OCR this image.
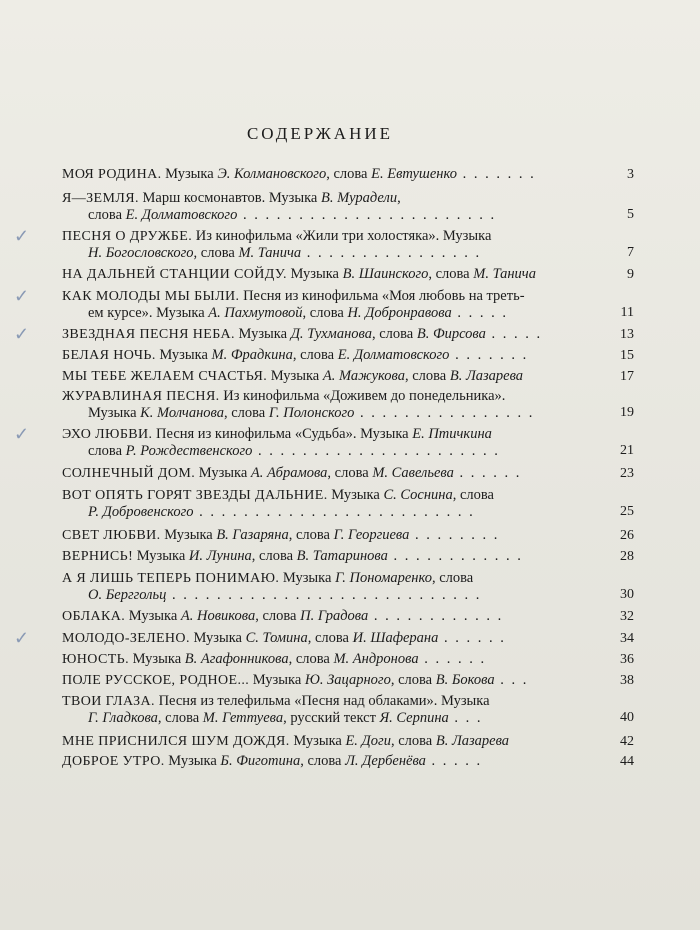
СОДЕРЖАНИЕ
МОЯ РОДИНА. Музыка Э. Колмановского, слова Е. Евтушенко . . . . . . .	3
Я—ЗЕМЛЯ. Марш космонавтов. Музыка В. Мурадели,
слова Е. Долматовского . . . . . . . . . . . . . . . . . . . . . . .	5
✓ ПЕСНЯ О ДРУЖБЕ. Из кинофильма «Жили три холостяка». Музыка
Н. Богословского, слова М. Танича . . . . . . . . . . . . . . . .	7
НА ДАЛЬНЕЙ СТАНЦИИ СОЙДУ. Музыка В. Шаинского, слова М. Танича	9
✓ КАК МОЛОДЫ МЫ БЫЛИ. Песня из кинофильма «Моя любовь на треть-
ем курсе». Музыка А. Пахмутовой, слова Н. Добронравова . . . . .	11
✓ ЗВЕЗДНАЯ ПЕСНЯ НЕБА. Музыка Д. Тухманова, слова В. Фирсова . . . . .	13
БЕЛАЯ НОЧЬ. Музыка М. Фрадкина, слова Е. Долматовского . . . . . . .	15
МЫ ТЕБЕ ЖЕЛАЕМ СЧАСТЬЯ. Музыка А. Мажукова, слова В. Лазарева	17
ЖУРАВЛИНАЯ ПЕСНЯ. Из кинофильма «Доживем до понедельника».
Музыка К. Молчанова, слова Г. Полонского . . . . . . . . . . . . . . . .	19
✓ ЭХО ЛЮБВИ. Песня из кинофильма «Судьба». Музыка Е. Птичкина
слова Р. Рождественского . . . . . . . . . . . . . . . . . . . . . .	21
СОЛНЕЧНЫЙ ДОМ. Музыка А. Абрамова, слова М. Савельева . . . . . .	23
ВОТ ОПЯТЬ ГОРЯТ ЗВЕЗДЫ ДАЛЬНИЕ. Музыка С. Соснина, слова
Р. Добровенского . . . . . . . . . . . . . . . . . . . . . . . . .	25
СВЕТ ЛЮБВИ. Музыка В. Газаряна, слова Г. Георгиева . . . . . . . .	26
ВЕРНИСЬ! Музыка И. Лунина, слова В. Татаринова . . . . . . . . . . . .	28
А Я ЛИШЬ ТЕПЕРЬ ПОНИМАЮ. Музыка Г. Пономаренко, слова
О. Берггольц . . . . . . . . . . . . . . . . . . . . . . . . . . . .	30
ОБЛАКА. Музыка А. Новикова, слова П. Градова . . . . . . . . . . . .	32
✓ МОЛОДО-ЗЕЛЕНО. Музыка С. Томина, слова И. Шаферана . . . . . .	34
ЮНОСТЬ. Музыка В. Агафонникова, слова М. Андронова . . . . . .	36
ПОЛЕ РУССКОЕ, РОДНОЕ... Музыка Ю. Зацарного, слова В. Бокова . . .	38
ТВОИ ГЛАЗА. Песня из телефильма «Песня над облаками». Музыка
Г. Гладкова, слова М. Геттуева, русский текст Я. Серпина . . .	40
МНЕ ПРИСНИЛСЯ ШУМ ДОЖДЯ. Музыка Е. Доги, слова В. Лазарева	42
ДОБРОЕ УТРО. Музыка Б. Фиготина, слова Л. Дербенёва . . . . .	44
